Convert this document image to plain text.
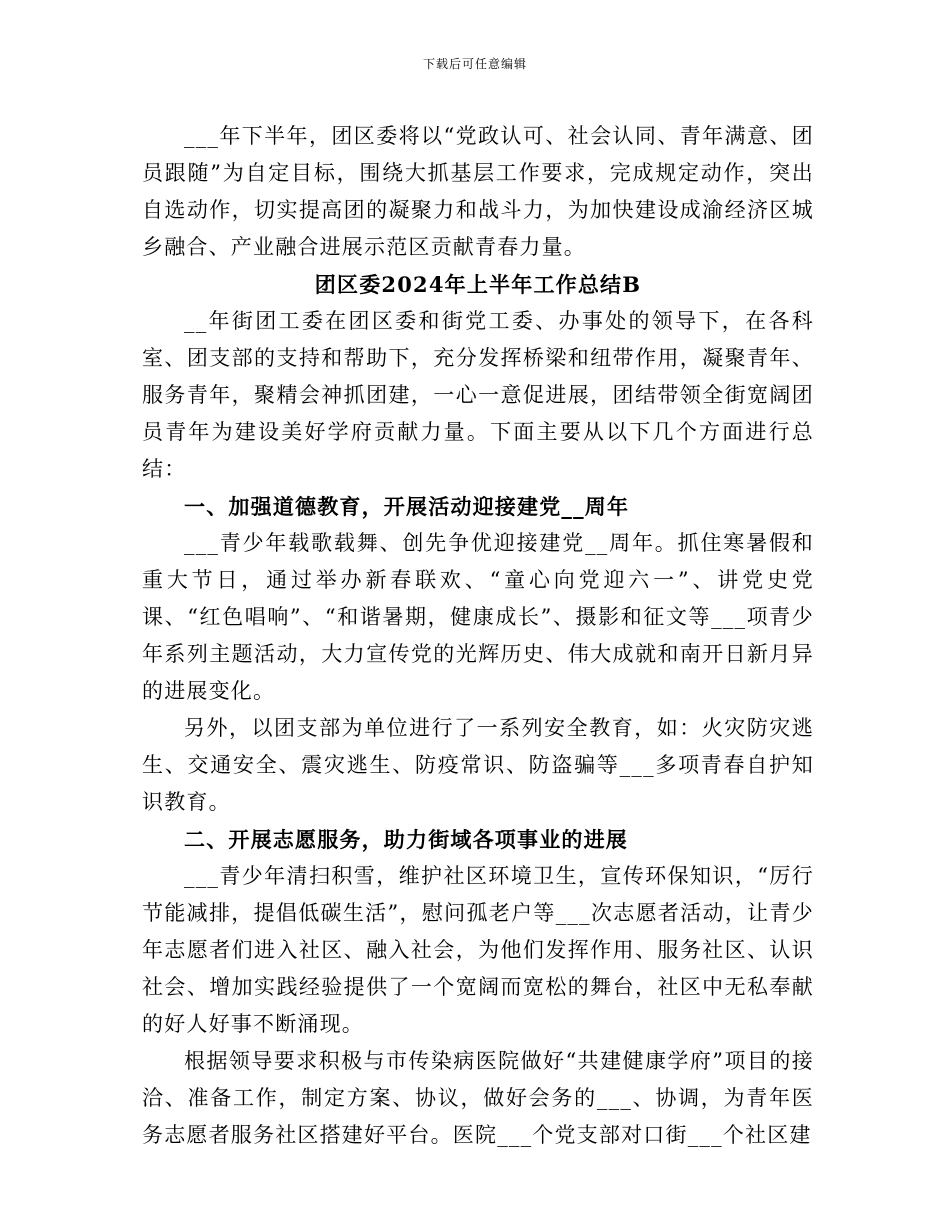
下载后可任意编辑

___年下半年，团区委将以“党政认可、社会认同、青年满意、团员跟随”为自定目标，围绕大抓基层工作要求，完成规定动作，突出自选动作，切实提高团的凝聚力和战斗力，为加快建设成渝经济区城乡融合、产业融合进展示范区贡献青春力量。

团区委2024年上半年工作总结B

__年街团工委在团区委和街党工委、办事处的领导下，在各科室、团支部的支持和帮助下，充分发挥桥梁和纽带作用，凝聚青年、服务青年，聚精会神抓团建，一心一意促进展，团结带领全街宽阔团员青年为建设美好学府贡献力量。下面主要从以下几个方面进行总结：

一、加强道德教育，开展活动迎接建党__周年

___青少年载歌载舞、创先争优迎接建党__周年。抓住寒暑假和重大节日，通过举办新春联欢、“童心向党迎六一”、讲党史党课、“红色唱响”、“和谐暑期，健康成长”、摄影和征文等___项青少年系列主题活动，大力宣传党的光辉历史、伟大成就和南开日新月异的进展变化。

另外，以团支部为单位进行了一系列安全教育，如：火灾防灾逃生、交通安全、震灾逃生、防疫常识、防盗骗等___多项青春自护知识教育。

二、开展志愿服务，助力街域各项事业的进展

___青少年清扫积雪，维护社区环境卫生，宣传环保知识，“厉行节能减排，提倡低碳生活”，慰问孤老户等___次志愿者活动，让青少年志愿者们进入社区、融入社会，为他们发挥作用、服务社区、认识社会、增加实践经验提供了一个宽阔而宽松的舞台，社区中无私奉献的好人好事不断涌现。

根据领导要求积极与市传染病医院做好“共建健康学府”项目的接洽、准备工作，制定方案、协议，做好会务的___、协调，为青年医务志愿者服务社区搭建好平台。医院___个党支部对口街___个社区建
